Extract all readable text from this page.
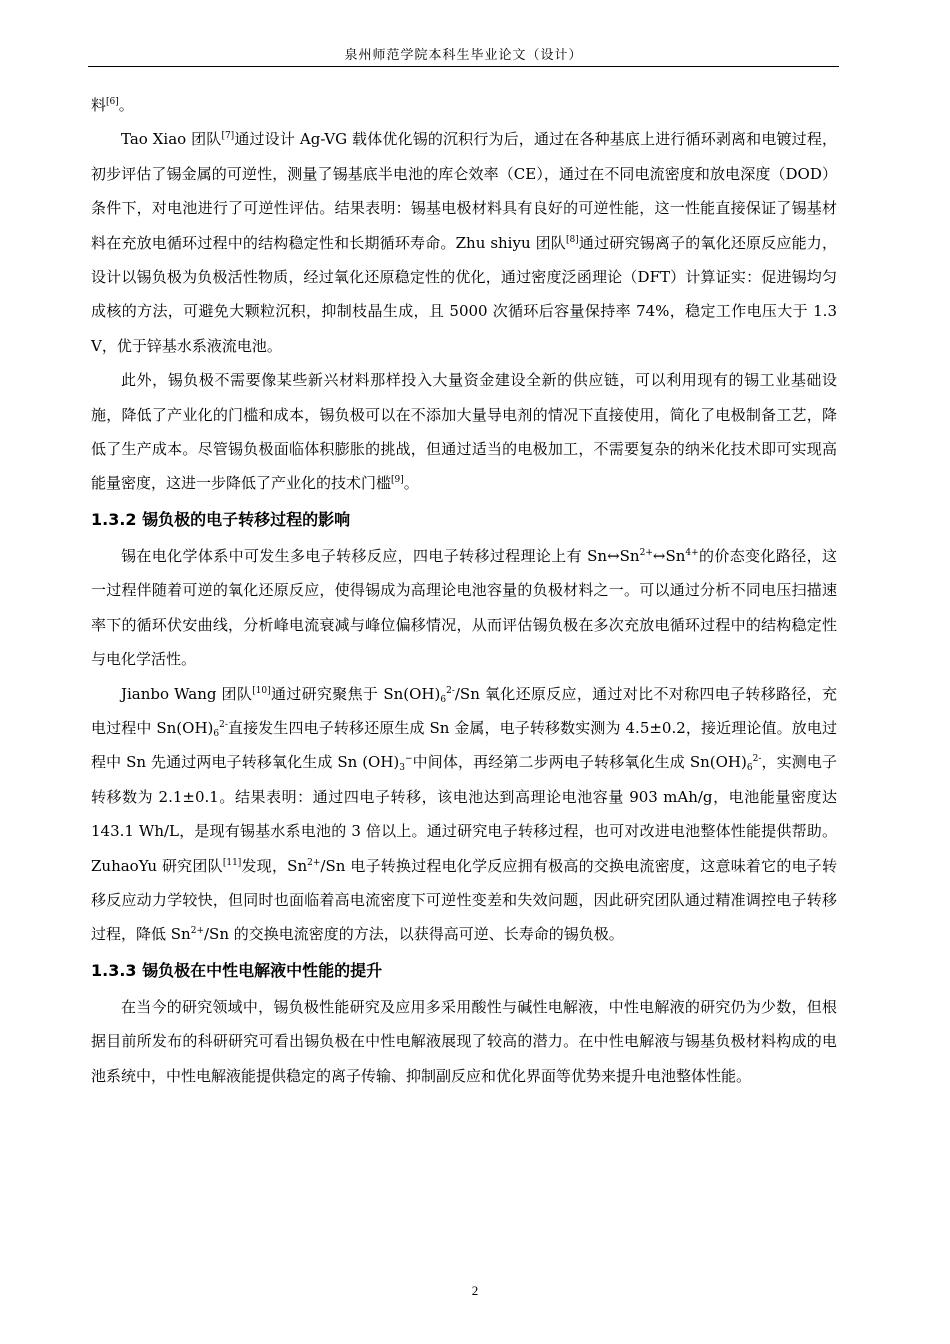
泉州师范学院本科生毕业论文（设计）

料[6]。

Tao Xiao 团队[7]通过设计 Ag-VG 载体优化锡的沉积行为后，通过在各种基底上进行循环剥离和电镀过程，初步评估了锡金属的可逆性，测量了锡基底半电池的库仑效率（CE），通过在不同电流密度和放电深度（DOD）条件下，对电池进行了可逆性评估。结果表明：锡基电极材料具有良好的可逆性能，这一性能直接保证了锡基材料在充放电循环过程中的结构稳定性和长期循环寿命。Zhu shiyu 团队[8]通过研究锡离子的氧化还原反应能力，设计以锡负极为负极活性物质，经过氧化还原稳定性的优化，通过密度泛函理论（DFT）计算证实：促进锡均匀成核的方法，可避免大颗粒沉积，抑制枝晶生成，且 5000 次循环后容量保持率 74%，稳定工作电压大于 1.3 V，优于锌基水系液流电池。

此外，锡负极不需要像某些新兴材料那样投入大量资金建设全新的供应链，可以利用现有的锡工业基础设施，降低了产业化的门槛和成本，锡负极可以在不添加大量导电剂的情况下直接使用，简化了电极制备工艺，降低了生产成本。尽管锡负极面临体积膨胀的挑战，但通过适当的电极加工，不需要复杂的纳米化技术即可实现高能量密度，这进一步降低了产业化的技术门槛[9]。

1.3.2 锡负极的电子转移过程的影响

锡在电化学体系中可发生多电子转移反应，四电子转移过程理论上有 $Sn\leftrightarrow Sn^{2+}\leftrightarrow Sn^{4+}$的价态变化路径，这一过程伴随着可逆的氧化还原反应，使得锡成为高理论电池容量的负极材料之一。可以通过分析不同电压扫描速率下的循环伏安曲线，分析峰电流衰减与峰位偏移情况，从而评估锡负极在多次充放电循环过程中的结构稳定性与电化学活性。

Jianbo Wang 团队[10]通过研究聚焦于 $Sn(OH)_6^{2-}/Sn$ 氧化还原反应，通过对比不对称四电子转移路径，充电过程中 $Sn(OH)_6^{2-}$直接发生四电子转移还原生成 Sn 金属，电子转移数实测为 4.5±0.2，接近理论值。放电过程中 Sn 先通过两电子转移氧化生成 Sn $(OH)_3^-$中间体，再经第二步两电子转移氧化生成 $Sn(OH)_6^{2-}$，实测电子转移数为 2.1±0.1。结果表明：通过四电子转移，该电池达到高理论电池容量 903 mAh/g，电池能量密度达 143.1 Wh/L，是现有锡基水系电池的 3 倍以上。通过研究电子转移过程，也可对改进电池整体性能提供帮助。ZuhaoYu 研究团队[11]发现，$Sn^{2+}/Sn$ 电子转换过程电化学反应拥有极高的交换电流密度，这意味着它的电子转移反应动力学较快，但同时也面临着高电流密度下可逆性变差和失效问题，因此研究团队通过精准调控电子转移过程，降低 $Sn^{2+}/Sn$ 的交换电流密度的方法，以获得高可逆、长寿命的锡负极。

1.3.3 锡负极在中性电解液中性能的提升

在当今的研究领域中，锡负极性能研究及应用多采用酸性与碱性电解液，中性电解液的研究仍为少数，但根据目前所发布的科研研究可看出锡负极在中性电解液展现了较高的潜力。在中性电解液与锡基负极材料构成的电池系统中，中性电解液能提供稳定的离子传输、抑制副反应和优化界面等优势来提升电池整体性能。

2
